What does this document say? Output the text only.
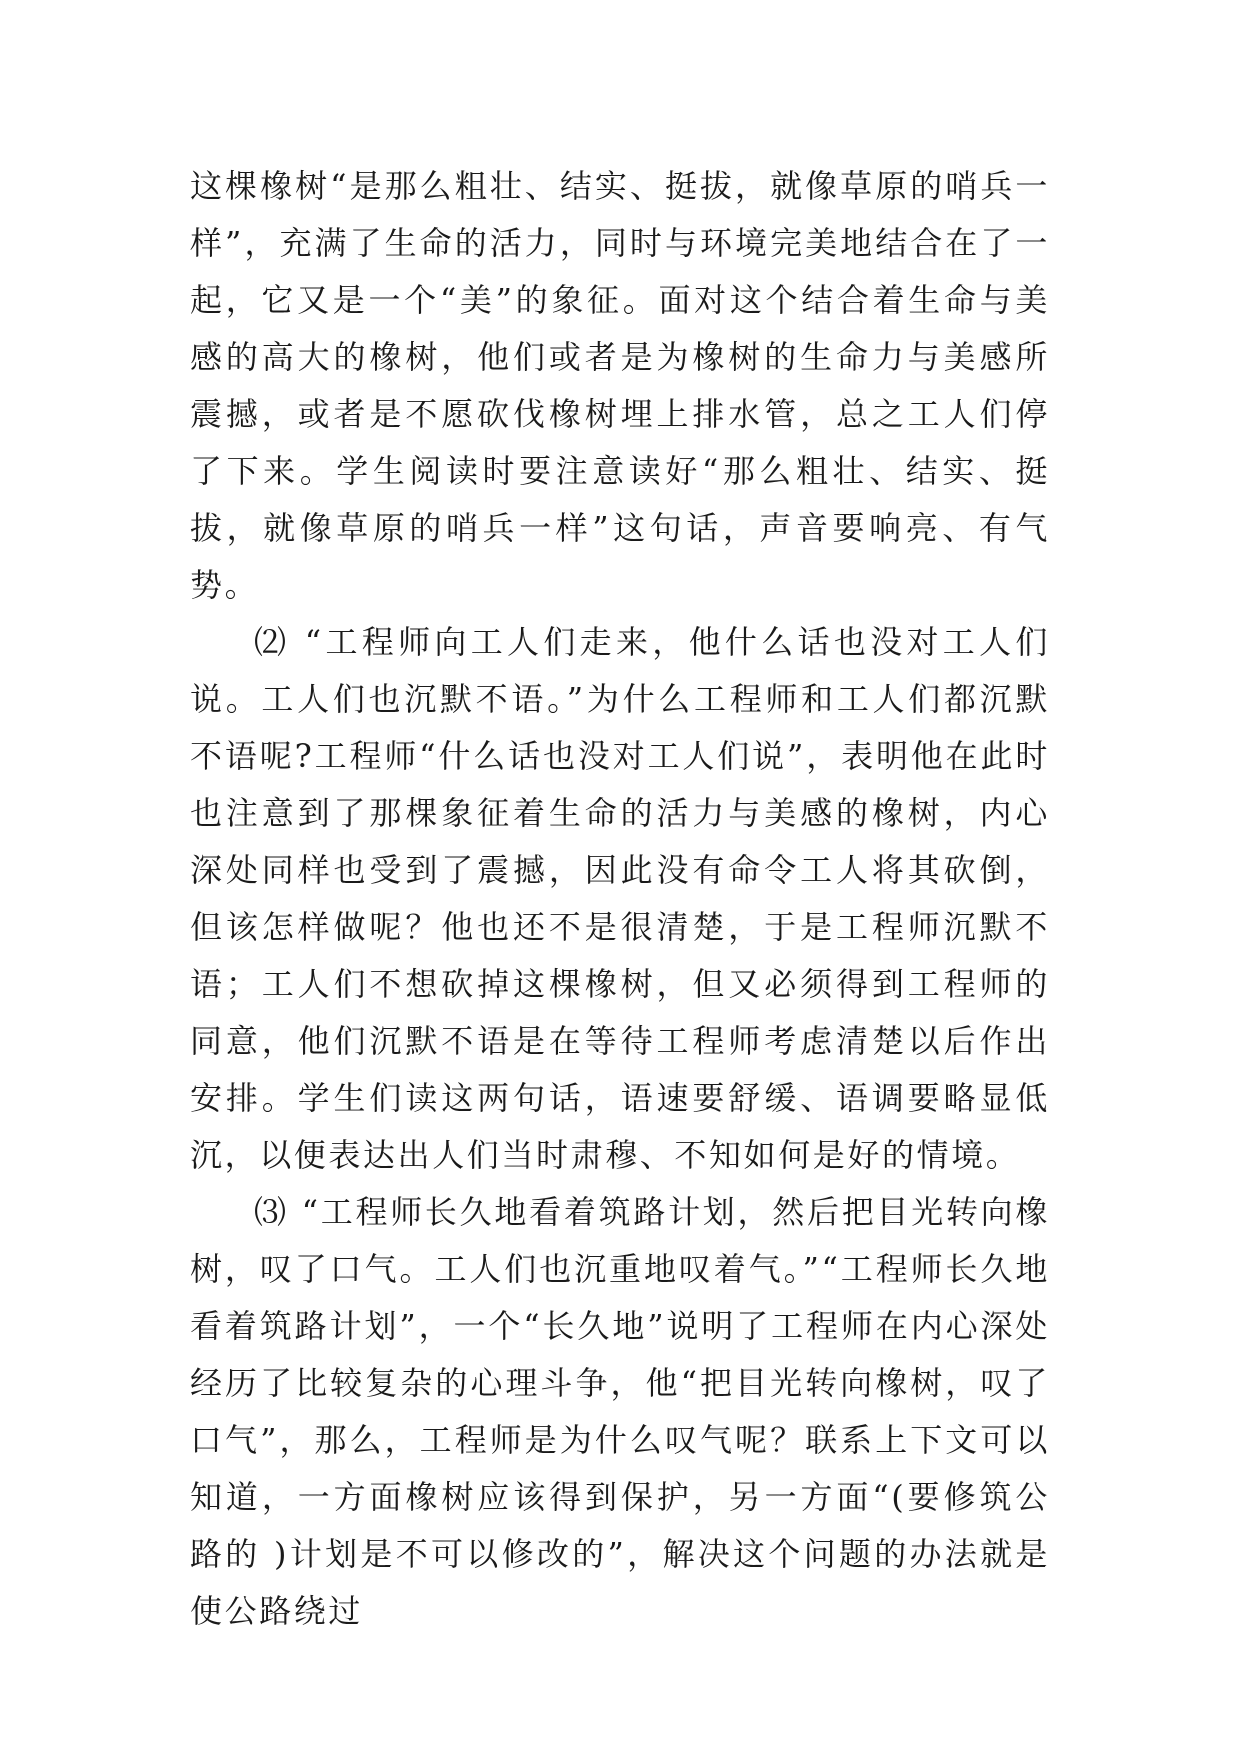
这棵橡树“是那么粗壮、结实、挺拔，就像草原的哨兵一样”，充满了生命的活力，同时与环境完美地结合在了一起，它又是一个“美”的象征。面对这个结合着生命与美感的高大的橡树，他们或者是为橡树的生命力与美感所震撼，或者是不愿砍伐橡树埋上排水管，总之工人们停了下来。学生阅读时要注意读好“那么粗壮、结实、挺拔，就像草原的哨兵一样”这句话，声音要响亮、有气势。

⑵ “工程师向工人们走来，他什么话也没对工人们说。工人们也沉默不语。”为什么工程师和工人们都沉默不语呢?工程师“什么话也没对工人们说”，表明他在此时也注意到了那棵象征着生命的活力与美感的橡树，内心深处同样也受到了震撼，因此没有命令工人将其砍倒，但该怎样做呢？他也还不是很清楚，于是工程师沉默不语；工人们不想砍掉这棵橡树，但又必须得到工程师的同意，他们沉默不语是在等待工程师考虑清楚以后作出安排。学生们读这两句话，语速要舒缓、语调要略显低沉，以便表达出人们当时肃穆、不知如何是好的情境。

⑶ “工程师长久地看着筑路计划，然后把目光转向橡树，叹了口气。工人们也沉重地叹着气。”“工程师长久地看着筑路计划”，一个“长久地”说明了工程师在内心深处经历了比较复杂的心理斗争，他“把目光转向橡树，叹了口气”，那么，工程师是为什么叹气呢？联系上下文可以知道，一方面橡树应该得到保护，另一方面“(要修筑公路的 )计划是不可以修改的”，解决这个问题的办法就是使公路绕过
